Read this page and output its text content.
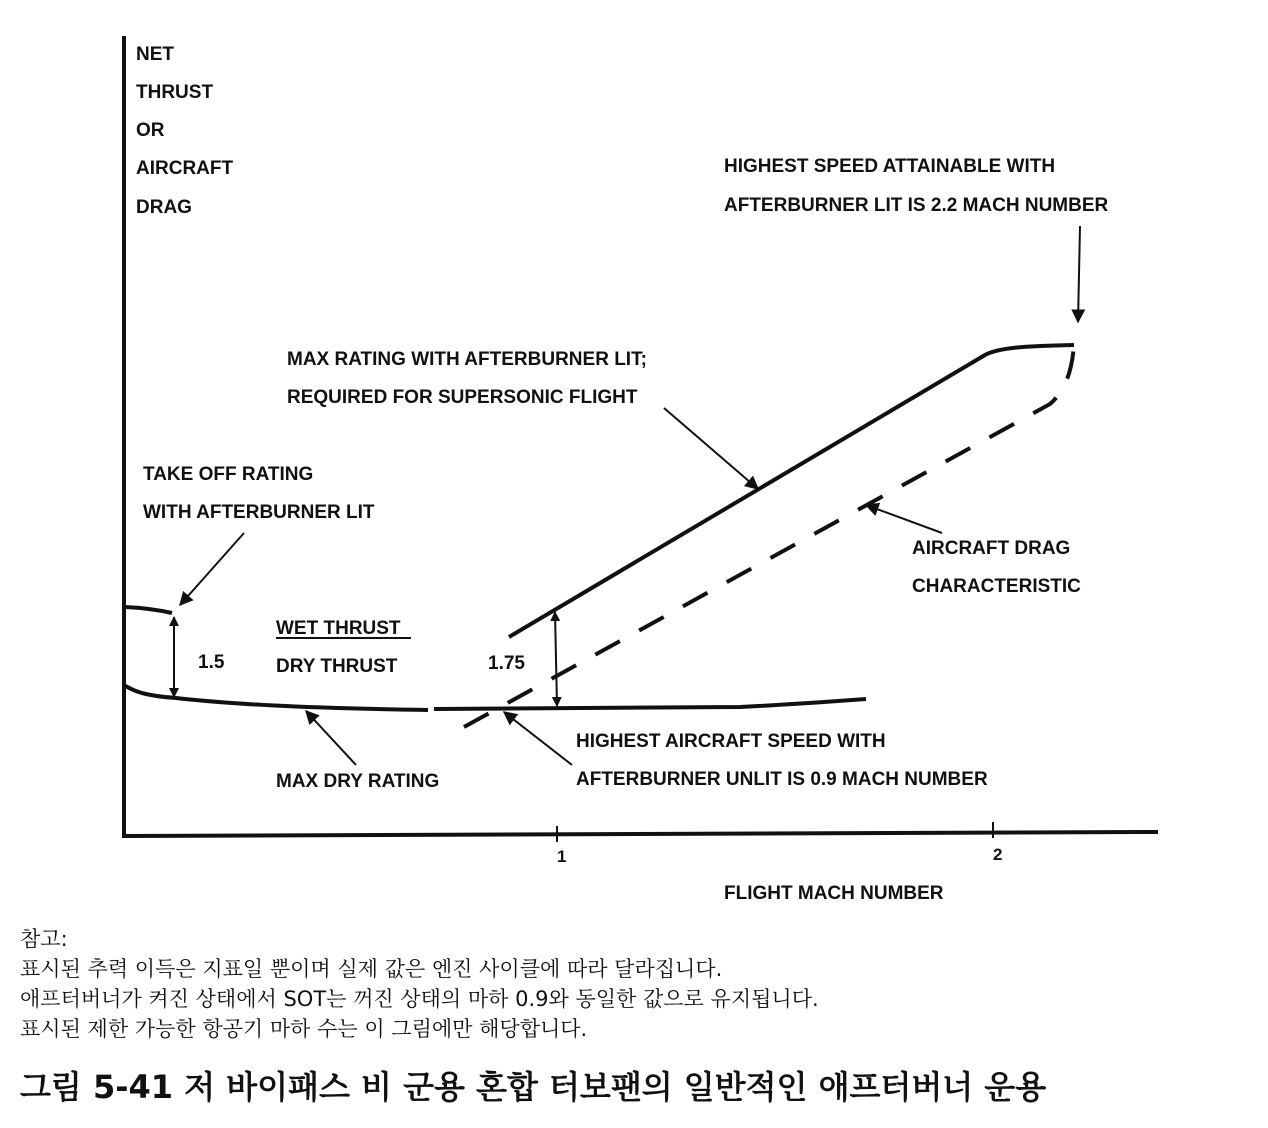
1	2
NET
THRUST
OR
AIRCRAFT
DRAG
FLIGHT MACH NUMBER
HIGHEST SPEED ATTAINABLE WITH
AFTERBURNER LIT IS 2.2 MACH NUMBER
MAX RATING WITH AFTERBURNER LIT;
REQUIRED FOR SUPERSONIC FLIGHT
TAKE OFF RATING
WITH AFTERBURNER LIT
AIRCRAFT DRAG
CHARACTERISTIC
WET THRUST
DRY THRUST
1.5	1.75
MAX DRY RATING
HIGHEST AIRCRAFT SPEED WITH
AFTERBURNER UNLIT IS 0.9 MACH NUMBER
참고:
표시된 추력 이득은 지표일 뿐이며 실제 값은 엔진 사이클에 따라 달라집니다.
애프터버너가 켜진 상태에서 SOT는 꺼진 상태의 마하 0.9와 동일한 값으로 유지됩니다.
표시된 제한 가능한 항공기 마하 수는 이 그림에만 해당합니다.
그림 5-41 저 바이패스 비 군용 혼합 터보팬의 일반적인 애프터버너 운용
